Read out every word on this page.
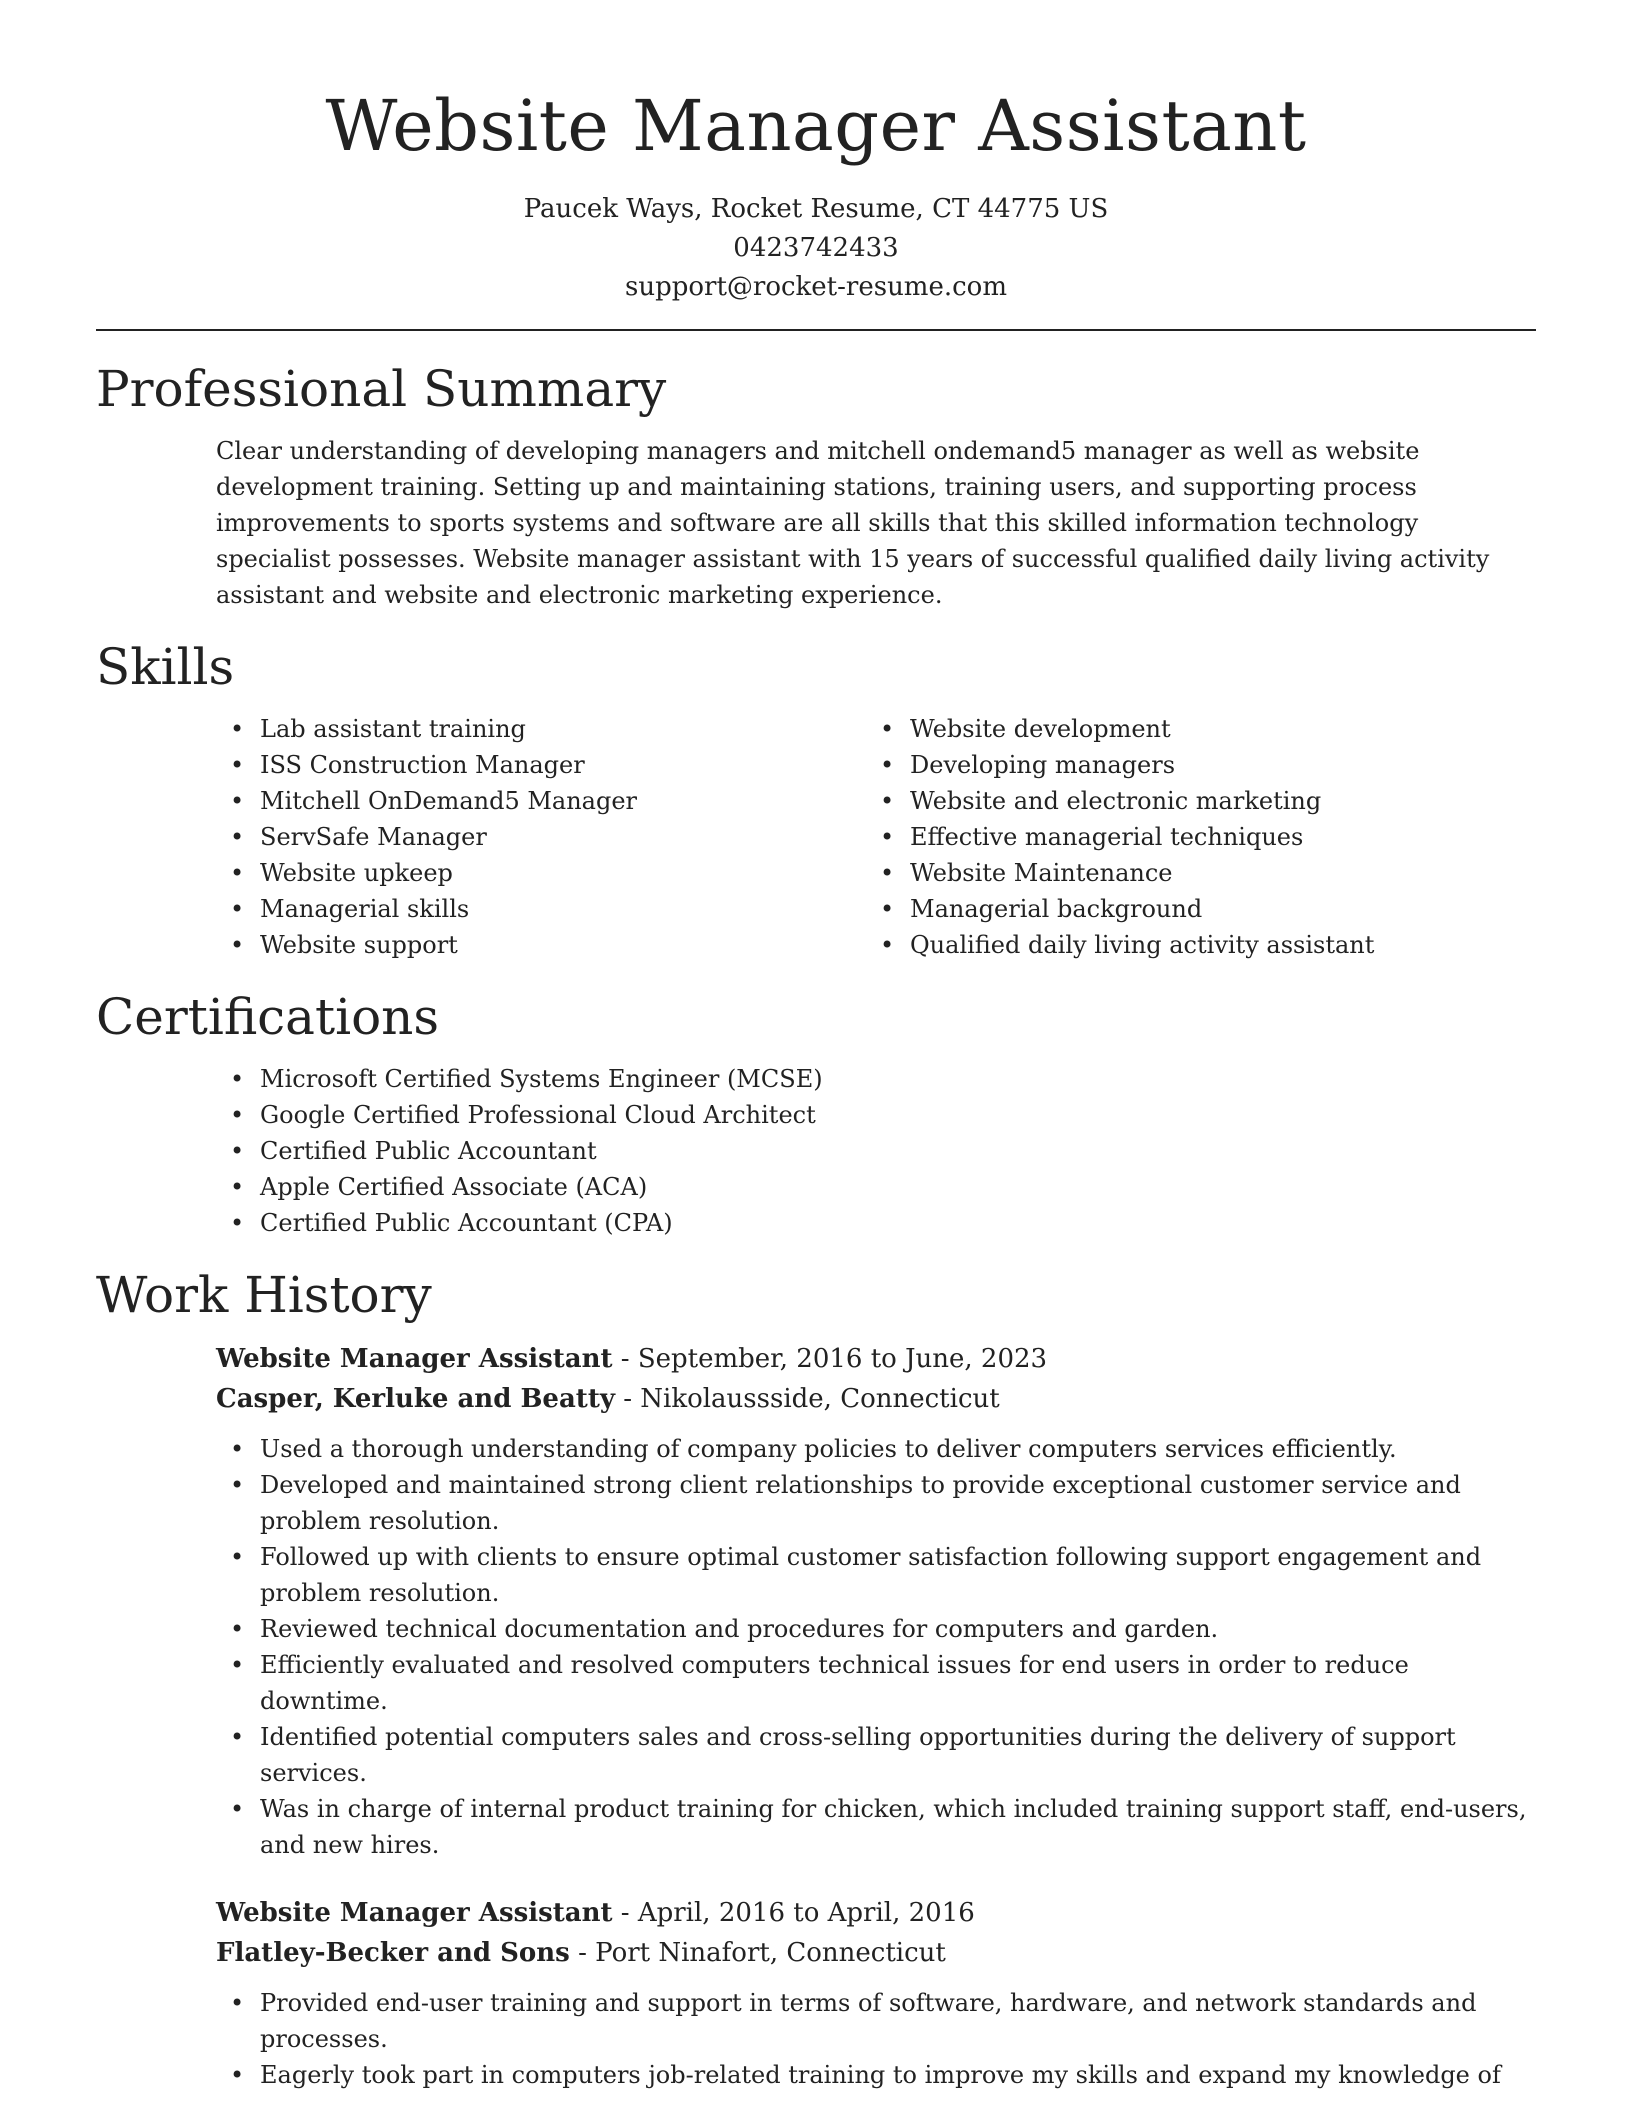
Website Manager Assistant
Paucek Ways, Rocket Resume, CT 44775 US
0423742433
support@rocket-resume.com
Professional Summary

Clear understanding of developing managers and mitchell ondemand5 manager as well as website development training. Setting up and maintaining stations, training users, and supporting process improvements to sports systems and software are all skills that this skilled information technology specialist possesses. Website manager assistant with 15 years of successful qualified daily living activity assistant and website and electronic marketing experience.

Skills
• Lab assistant training
• ISS Construction Manager
• Mitchell OnDemand5 Manager
• ServSafe Manager
• Website upkeep
• Managerial skills
• Website support
• Website development
• Developing managers
• Website and electronic marketing
• Effective managerial techniques
• Website Maintenance
• Managerial background
• Qualified daily living activity assistant
Certifications
• Microsoft Certified Systems Engineer (MCSE)
• Google Certified Professional Cloud Architect
• Certified Public Accountant
• Apple Certified Associate (ACA)
• Certified Public Accountant (CPA)
Work History
Website Manager Assistant - September, 2016 to June, 2023
Casper, Kerluke and Beatty - Nikolaussside, Connecticut
• Used a thorough understanding of company policies to deliver computers services efficiently.
• Developed and maintained strong client relationships to provide exceptional customer service and problem resolution.
• Followed up with clients to ensure optimal customer satisfaction following support engagement and problem resolution.
• Reviewed technical documentation and procedures for computers and garden.
• Efficiently evaluated and resolved computers technical issues for end users in order to reduce downtime.
• Identified potential computers sales and cross-selling opportunities during the delivery of support services.
• Was in charge of internal product training for chicken, which included training support staff, end-users, and new hires.
Website Manager Assistant - April, 2016 to April, 2016
Flatley-Becker and Sons - Port Ninafort, Connecticut
• Provided end-user training and support in terms of software, hardware, and network standards and processes.
• Eagerly took part in computers job-related training to improve my skills and expand my knowledge of
